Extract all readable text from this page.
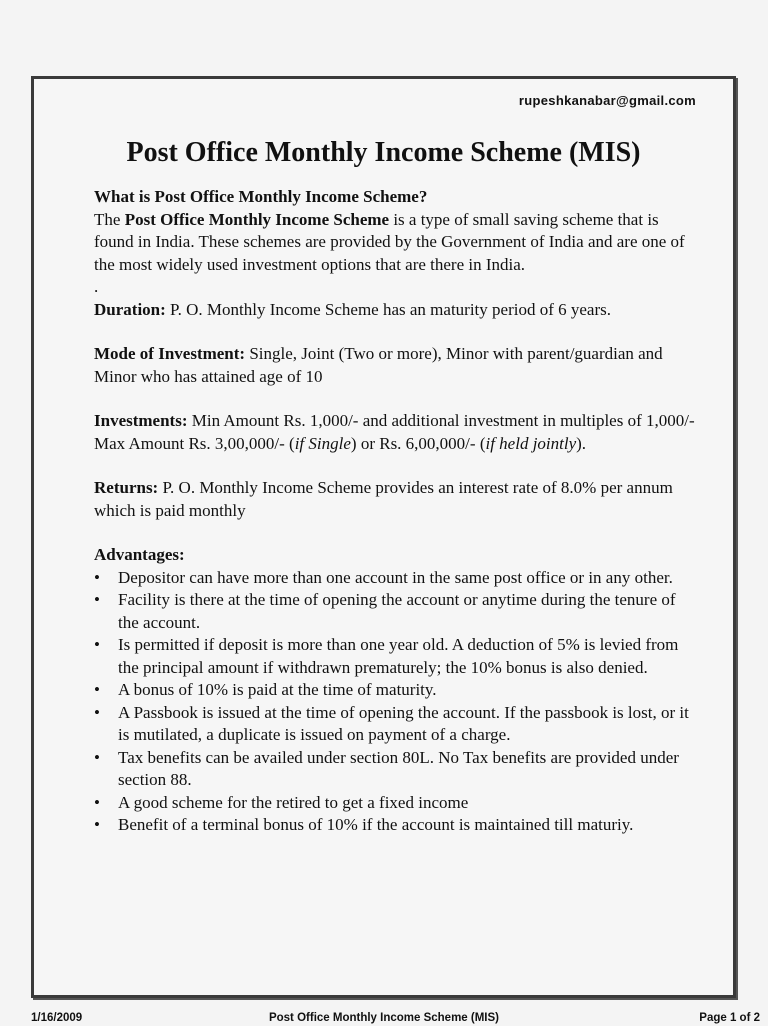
rupeshkanabar@gmail.com
Post Office Monthly Income Scheme (MIS)

What is Post Office Monthly Income Scheme?

The Post Office Monthly Income Scheme is a type of small saving scheme that is found in India. These schemes are provided by the Government of India and are one of the most widely used investment options that are there in India.

.

Duration: P. O. Monthly Income Scheme has an maturity period of 6 years.

Mode of Investment: Single, Joint (Two or more), Minor with parent/guardian and Minor who has attained age of 10

Investments: Min Amount Rs. 1,000/- and additional investment in multiples of 1,000/- Max Amount Rs. 3,00,000/- (if Single) or Rs. 6,00,000/- (if held jointly).

Returns: P. O. Monthly Income Scheme provides an interest rate of 8.0% per annum which is paid monthly

Advantages:

• Depositor can have more than one account in the same post office or in any other.
• Facility is there at the time of opening the account or anytime during the tenure of the account.
• Is permitted if deposit is more than one year old. A deduction of 5% is levied from the principal amount if withdrawn prematurely; the 10% bonus is also denied.
• A bonus of 10% is paid at the time of maturity.
• A Passbook is issued at the time of opening the account. If the passbook is lost, or it is mutilated, a duplicate is issued on payment of a charge.
• Tax benefits can be availed under section 80L. No Tax benefits are provided under section 88.
• A good scheme for the retired to get a fixed income
• Benefit of a terminal bonus of 10% if the account is maintained till maturiy.
1/16/2009	Post Office Monthly Income Scheme (MIS)	Page 1 of 2
